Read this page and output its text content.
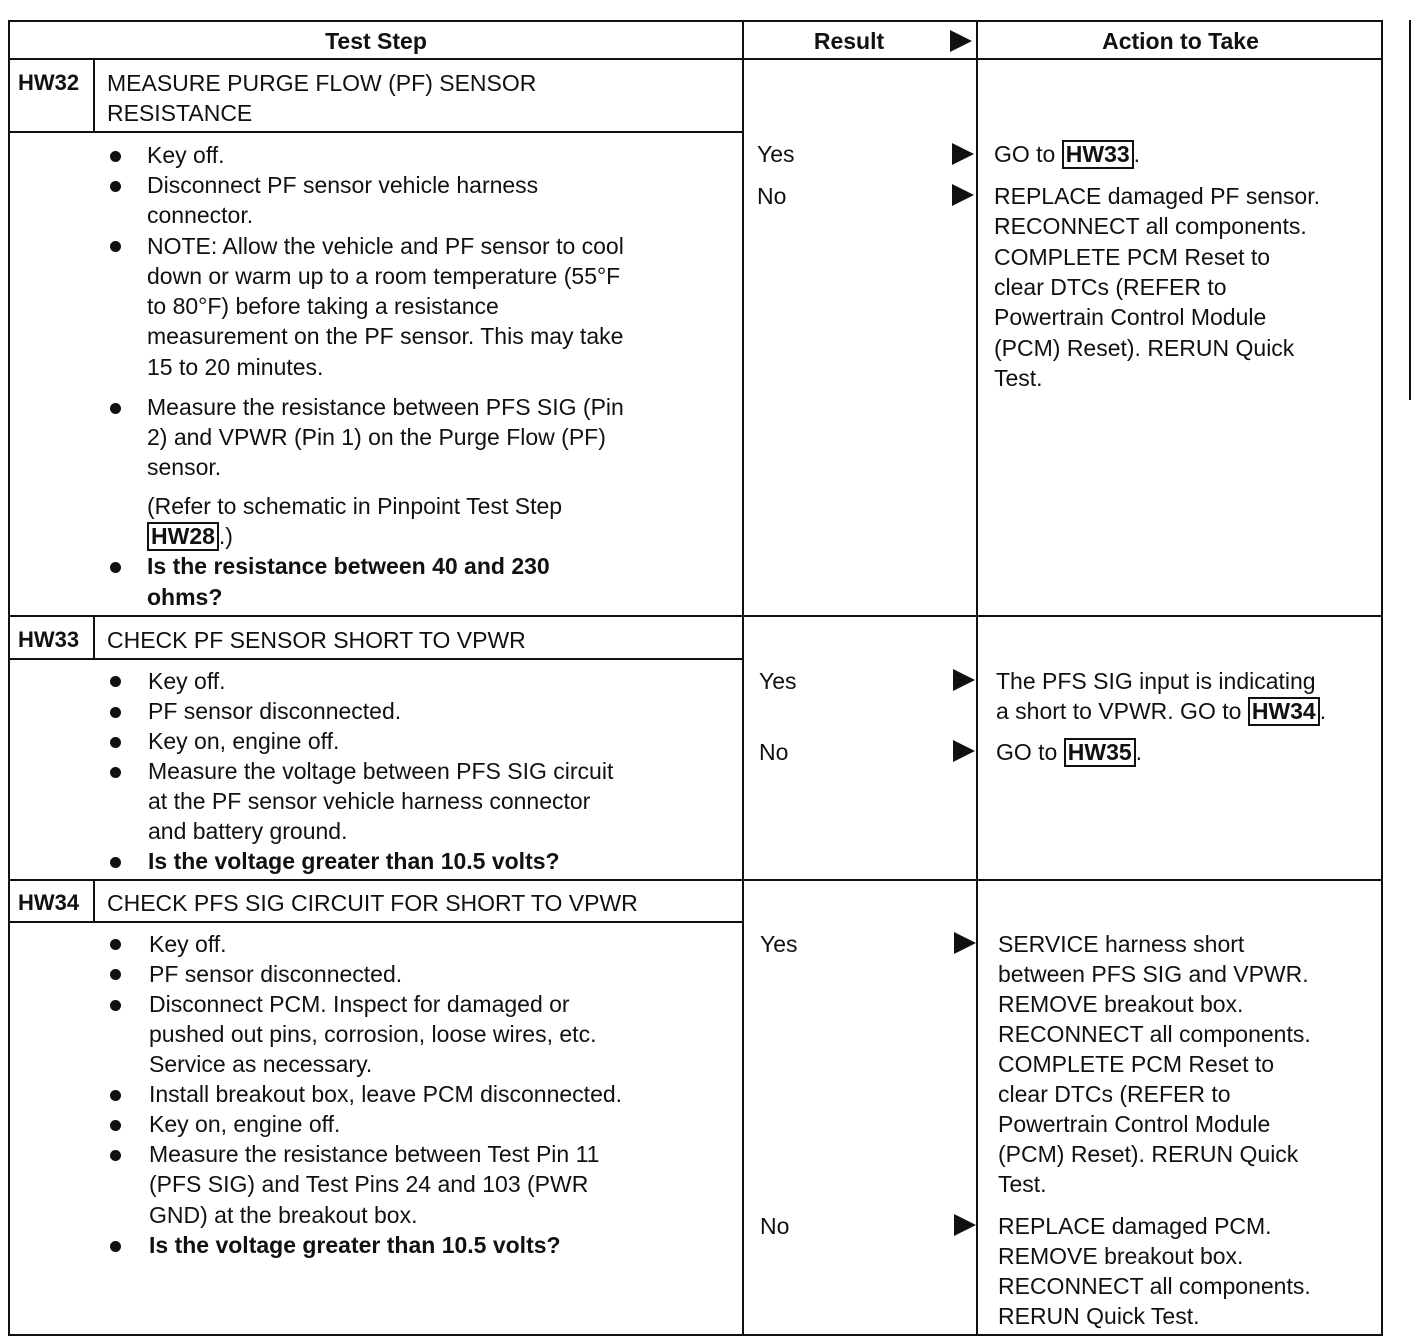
Test Step	Result	Action to Take
HW32 MEASURE PURGE FLOW (PF) SENSOR
RESISTANCE
Key off.
Disconnect PF sensor vehicle harness
connector.
NOTE: Allow the vehicle and PF sensor to cool
down or warm up to a room temperature (55°F
to 80°F) before taking a resistance
measurement on the PF sensor. This may take
15 to 20 minutes.
Measure the resistance between PFS SIG (Pin
2) and VPWR (Pin 1) on the Purge Flow (PF)
sensor.
(Refer to schematic in Pinpoint Test Step
HW28 .)
Is the resistance between 40 and 230
ohms?
Yes
No
GO to HW33 .
REPLACE damaged PF sensor.
RECONNECT all components.
COMPLETE PCM Reset to
clear DTCs (REFER to
Powertrain Control Module
(PCM) Reset). RERUN Quick
Test.
HW33 CHECK PF SENSOR SHORT TO VPWR
Key off.
PF sensor disconnected.
Key on, engine off.
Measure the voltage between PFS SIG circuit
at the PF sensor vehicle harness connector
and battery ground.
Is the voltage greater than 10.5 volts?
Yes
No
The PFS SIG input is indicating
a short to VPWR. GO to HW34 .
GO to HW35 .
HW34 CHECK PFS SIG CIRCUIT FOR SHORT TO VPWR
Key off.
PF sensor disconnected.
Disconnect PCM. Inspect for damaged or
pushed out pins, corrosion, loose wires, etc.
Service as necessary.
Install breakout box, leave PCM disconnected.
Key on, engine off.
Measure the resistance between Test Pin 11
(PFS SIG) and Test Pins 24 and 103 (PWR
GND) at the breakout box.
Is the voltage greater than 10.5 volts?
Yes
No
SERVICE harness short
between PFS SIG and VPWR.
REMOVE breakout box.
RECONNECT all components.
COMPLETE PCM Reset to
clear DTCs (REFER to
Powertrain Control Module
(PCM) Reset). RERUN Quick
Test.
REPLACE damaged PCM.
REMOVE breakout box.
RECONNECT all components.
RERUN Quick Test.
